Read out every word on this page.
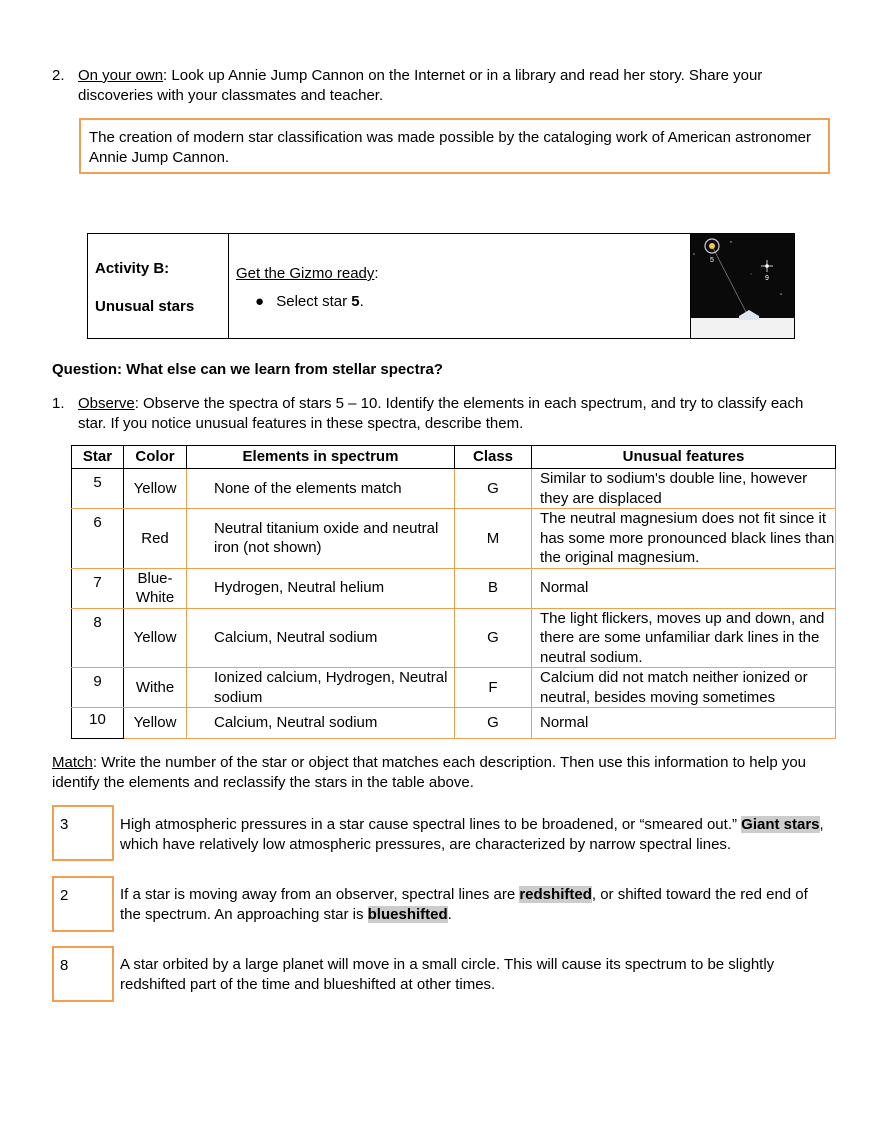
2. On your own: Look up Annie Jump Cannon on the Internet or in a library and read her story. Share your discoveries with your classmates and teacher.
The creation of modern star classification was made possible by the cataloging work of American astronomer Annie Jump Cannon.
Activity B:
Unusual stars
Get the Gizmo ready:
● Select star 5.
5
9
Question: What else can we learn from stellar spectra?
1. Observe: Observe the spectra of stars 5 – 10. Identify the elements in each spectrum, and try to classify each star. If you notice unusual features in these spectra, describe them.
Star	Color	Elements in spectrum	Class	Unusual features
5	Yellow	None of the elements match	G	Similar to sodium's double line, however they are displaced
6	Red	Neutral titanium oxide and neutral iron (not shown)	M	The neutral magnesium does not fit since it has some more pronounced black lines than the original magnesium.
7	Blue-White	Hydrogen, Neutral helium	B	Normal
8	Yellow	Calcium, Neutral sodium	G	The light flickers, moves up and down, and there are some unfamiliar dark lines in the neutral sodium.
9	Withe	Ionized calcium, Hydrogen, Neutral sodium	F	Calcium did not match neither ionized or neutral, besides moving sometimes
10	Yellow	Calcium, Neutral sodium	G	Normal
Match: Write the number of the star or object that matches each description. Then use this information to help you identify the elements and reclassify the stars in the table above.
3	High atmospheric pressures in a star cause spectral lines to be broadened, or “smeared out.” Giant stars, which have relatively low atmospheric pressures, are characterized by narrow spectral lines.
2	If a star is moving away from an observer, spectral lines are redshifted, or shifted toward the red end of the spectrum. An approaching star is blueshifted.
8	A star orbited by a large planet will move in a small circle. This will cause its spectrum to be slightly redshifted part of the time and blueshifted at other times.
